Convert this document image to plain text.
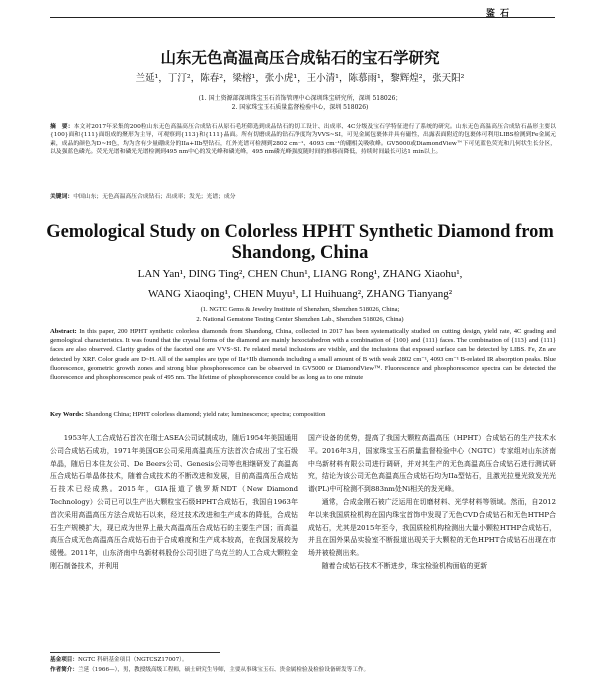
鉴 石
山东无色高温高压合成钻石的宝石学研究
兰延¹，丁汀²，陈春²，梁榕¹，张小虎¹，王小清¹，陈慕雨¹，黎辉煌²，张天阳²
(1. 国土资源部深圳珠宝玉石首饰管理中心深圳珠宝研究所，深圳 518026；
2. 国家珠宝玉石质量监督检验中心，深圳 518026)
摘　要：本文对2017年采集的200粒山东无色高温高压合成钻石从原石毛坯筛选到成品钻石的切工设计、出成率、4C分级及宝石学特征进行了系统的研究。山东无色高温高压合成钻石晶形主要以{100}面和{111}面组成的聚形为主导，可观察到{113}和{111}晶面。所有切磨成品的钻石净度均为VVS~SI，可见金属包裹体并具有磁性，出露表面附近的包裹体可利用LIBS检测到Fe金属元素，成品的颜色为D~H色，均为含有少量硼成分的IIa+IIb型钻石，红外光谱可检测到2802 cm⁻¹、4093 cm⁻¹的硼相关吸收峰。GV5000或DiamondView™下可见蓝色荧光和几何状生长分区，以及强蓝色磷光。荧光光谱和磷光光谱检测到495 nm中心的发光峰和磷光峰，495 nm磷光峰强度随时间的推移而降低，持续时间最长可达1 min以上。
关键词：中国山东；无色高温高压合成钻石；出成率；发光；光谱；成分
Gemological Study on Colorless HPHT Synthetic Diamond from Shandong, China
LAN Yan¹, DING Ting², CHEN Chun¹, LIANG Rong¹, ZHANG Xiaohu¹,
WANG Xiaoqing¹, CHEN Muyu¹, LI Huihuang², ZHANG Tianyang²
(1. NGTC Gems & Jewelry Institute of Shenzhen, Shenzhen 518026, China;
2. National Gemstone Testing Center Shenzhen Lab., Shenzhen 518026, China)
Abstract: In this paper, 200 HPHT synthetic colorless diamonds from Shandong, China, collected in 2017 has been systematically studied on cutting design, yield rate, 4C grading and gemological characteristics. It was found that the crystal forms of the diamond are mainly hexoctahedron with a combination of {100} and {111} faces. The combination of {113} and {111} faces are also observed. Clarity grades of the faceted one are VVS~SI. Fe related metal inclusions are visible, and the inclusions that exposed surface can be detected by LIBS. Fe, Zn are detected by XRF. Color grade are D~H. All of the samples are type of IIa+IIb diamonds including a small amount of B with weak 2802 cm⁻¹, 4093 cm⁻¹ B-related IR absorption peaks. Blue fluorescence, geometric growth zones and strong blue phosphorescence can be observed in GV5000 or DiamondView™. Fluorescence and phosphorescence spectra can be detected the fluorescence and phosphorescence peak of 495 nm. The lifetime of phosphorescence could be as long as to one minute
Key Words: Shandong China; HPHT colorless diamond; yield rate; luminescence; spectra; composition

1953年人工合成钻石首次在瑞士ASEA公司试制成功，随后1954年美国通用公司合成钻石成功，1971年美国GE公司采用高温高压方法首次合成出了宝石级单晶，随后日本住友公司、De Beers公司、Genesis公司等也相继研发了高温高压合成钻石单晶体技术，随着合成技术的不断改进和发展，目前高温高压合成钻石技术已经成熟。2015年，GIA报道了俄罗斯NDT（New Diamond Technology）公司已可以生产出大颗粒宝石级HPHT合成钻石，我国自1963年首次采用高温高压方法合成钻石以来，经过技术改进和生产成本的降低，合成钻石生产规模扩大，现已成为世界上最大高温高压合成钻石的主要生产国；而高温高压合成无色高温高压合成钻石由于合成难度和生产成本较高，在我国发展较为缓慢。2011年，山东济南中乌新材料股份公司引进了乌克兰的人工合成大颗粒金刚石制备技术，并利用

国产设备的优势，提高了我国大颗粒高温高压（HPHT）合成钻石的生产技术水平。2016年3月，国家珠宝玉石质量监督检验中心（NGTC）专家组对山东济南中乌新材料有限公司进行调研，并对其生产的无色高温高压合成钻石进行测试研究，结论为该公司无色高温高压合成钻石均为IIa型钻石，且激光拉曼光致发光光谱(PL)中可检测不到883nm处Ni相关的发光峰。

通常，合成金刚石被广泛运用在切磨材料、光学材料等领域。然而，自2012年以来我国质检机构在国内珠宝首饰中发现了无色CVD合成钻石和无色HTHP合成钻石，尤其是2015年至今，我国质检机构检测出大量小颗粒HTHP合成钻石，并且在国外果品实验室不断报道出现关于大颗粒的无色HPHT合成钻石出现在市场并被检测出来。

随着合成钻石技术不断进步，珠宝检验机构面临的更新

基金项目：NGTC 科研基金项目（NGTCSZ17007）。
作者简介：兰延（1966—），男，教授级高级工程师，硕士研究生导师，主要从事珠宝玉石、贵金属检验及检验设备研发等工作。
